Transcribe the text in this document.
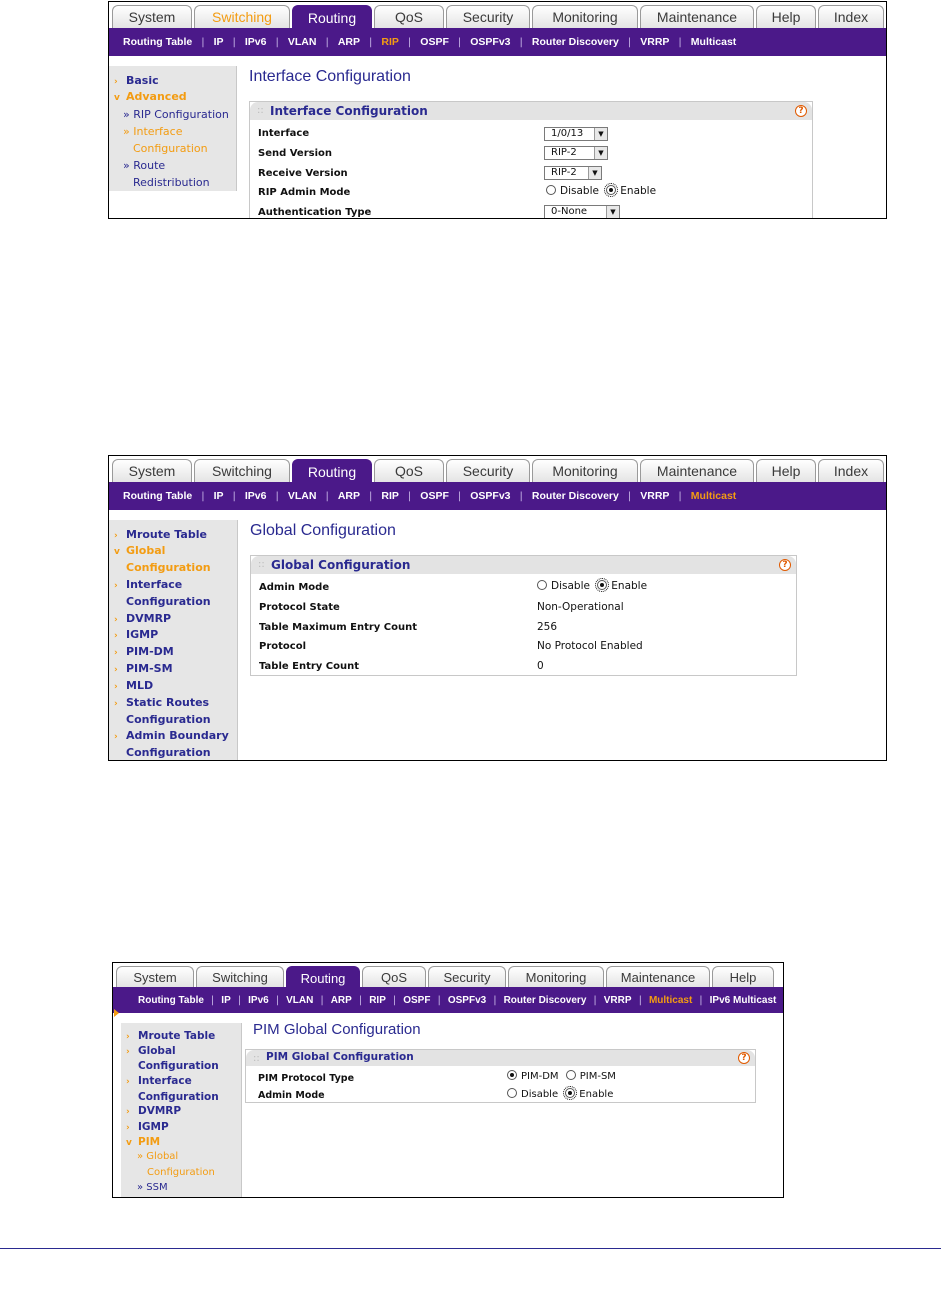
System	Switching	Routing	QoS	Security	Monitoring	Maintenance	Help	Index
Routing Table | IP | IPv6 | VLAN | ARP | RIP | OSPF | OSPFv3 | Router Discovery | VRRP | Multicast
› Basic
v Advanced
» RIP Configuration
» Interface
Configuration
» Route
Redistribution
Interface Configuration
:: Interface Configuration	?
Interface	1/0/13	▼
Send Version	RIP-2	▼
Receive Version	RIP-2	▼
RIP Admin Mode	Disable Enable
Authentication Type	0-None	▼
System	Switching	Routing	QoS	Security	Monitoring	Maintenance	Help	Index
Routing Table | IP | IPv6 | VLAN | ARP | RIP | OSPF | OSPFv3 | Router Discovery | VRRP | Multicast
› Mroute Table
v Global
Configuration
› Interface
Configuration
› DVMRP
› IGMP
› PIM-DM
› PIM-SM
› MLD
› Static Routes
Configuration
› Admin Boundary
Configuration
Global Configuration
:: Global Configuration	?
Admin Mode	Disable Enable
Protocol State	Non-Operational
Table Maximum Entry Count	256
Protocol	No Protocol Enabled
Table Entry Count	0
System	Switching	Routing	QoS	Security	Monitoring	Maintenance	Help
Routing Table | IP | IPv6 | VLAN | ARP | RIP | OSPF | OSPFv3 | Router Discovery | VRRP | Multicast | IPv6 Multicast
› Mroute Table
› Global
Configuration
› Interface
Configuration
› DVMRP
› IGMP
v PIM
» Global
Configuration
» SSM
PIM Global Configuration
:: PIM Global Configuration	?
PIM Protocol Type	PIM-DM PIM-SM
Admin Mode	Disable Enable
